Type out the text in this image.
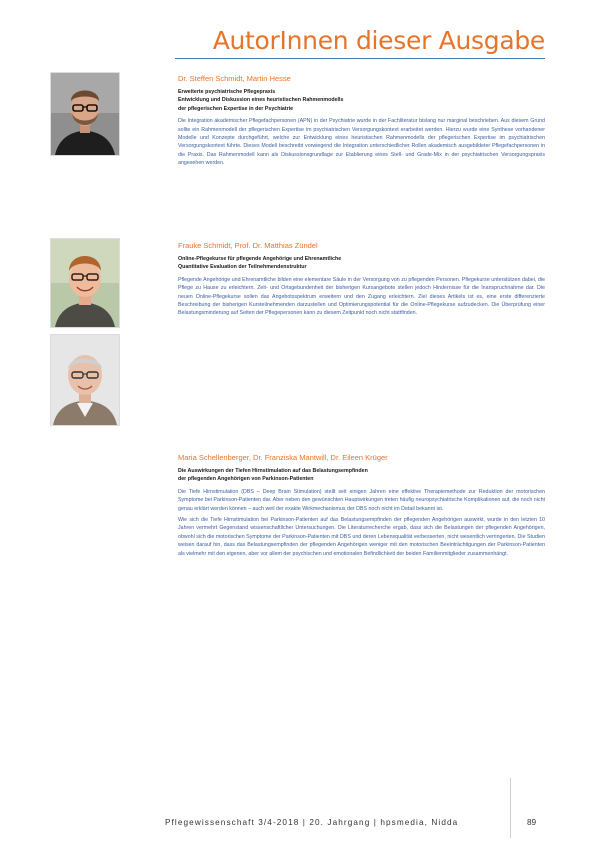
AutorInnen dieser Ausgabe
Dr. Steffen Schmidt, Martin Hesse
Erweiterte psychiatrische Pflegepraxis
Entwicklung und Diskussion eines heuristischen Rahmenmodells
der pflegerischen Expertise in der Psychiatrie

Die Integration akademischer Pflegefachpersonen (APN) in der Psychiatrie wurde in der Fachliteratur bislang nur marginal beschrieben. Aus diesem Grund sollte ein Rahmenmodell der pflegerischen Expertise im psychiatrischen Versorgungskontext erarbeitet werden. Hierzu wurde eine Synthese vorhandener Modelle und Konzepte durchgeführt, welche zur Entwicklung eines heuristischen Rahmenmodells der pflegerischen Expertise im psychiatrischen Versorgungskontext führte. Dieses Modell beschreibt vorwiegend die Integration unterschiedlicher Rollen akademisch ausgebildeter Pflegefachpersonen in die Praxis. Das Rahmenmodell kann als Diskussionsgrundlage zur Etablierung eines Stell- und Grade-Mix in der psychiatrischen Versorgungspraxis angesehen werden.

Frauke Schmidt, Prof. Dr. Matthias Zündel
Online-Pflegekurse für pflegende Angehörige und Ehrenamtliche
Quantitative Evaluation der Teilnehmendenstruktur

Pflegende Angehörige und Ehrenamtliche bilden eine elementare Säule in der Versorgung von zu pflegenden Personen. Pflegekurse unterstützen dabei, die Pflege zu Hause zu erleichtern. Zeit- und Ortsgebundenheit der bisherigen Kursangebote stellen jedoch Hindernisse für die Inanspruchnahme dar. Die neuen Online-Pflegekurse sollen das Angebotsspektrum erweitern und den Zugang erleichtern. Ziel dieses Artikels ist es, eine erste differenzierte Beschreibung der bisherigen Kursteilnehmenden darzustellen und Optimierungspotential für die Online-Pflegekurse aufzudecken. Die Überprüfung einer Belastungsminderung auf Seiten der Pflegepersonen kann zu diesem Zeitpunkt noch nicht stattfinden.

Maria Schellenberger, Dr. Franziska Mantwill, Dr. Eileen Krüger
Die Auswirkungen der Tiefen Hirnstimulation auf das Belastungsempfinden
der pflegenden Angehörigen von Parkinson-Patienten

Die Tiefe Hirnstimulation (DBS – Deep Brain Stimulation) stellt seit einigen Jahren eine effektive Therapiemethode zur Reduktion der motorischen Symptome bei Parkinson-Patienten dar. Aber neben den gewünschten Hauptwirkungen treten häufig neuropsychiatrische Komplikationen auf, die noch nicht genau erklärt werden können – auch weil der exakte Wirkmechanismus der DBS noch nicht im Detail bekannt ist.

Wie sich die Tiefe Hirnstimulation bei Parkinson-Patienten auf das Belastungsempfinden der pflegenden Angehörigen auswirkt, wurde in den letzten 10 Jahren vermehrt Gegenstand wissenschaftlicher Untersuchungen. Die Literaturrecherche ergab, dass sich die Belastungen der pflegenden Angehörigen, obwohl sich die motorischen Symptome der Parkinson-Patienten mit DBS und deren Lebensqualität verbesserten, nicht wesentlich verringerten. Die Studien weisen darauf hin, dass das Belastungsempfinden der pflegenden Angehörigen weniger mit den motorischen Beeinträchtigungen der Parkinson-Patienten als vielmehr mit den eigenen, aber vor allem der psychischen und emotionalen Befindlichkeit der beiden Familienmitglieder zusammenhängt.

Pflegewissenschaft 3/4-2018 | 20. Jahrgang | hpsmedia, Nidda	89
